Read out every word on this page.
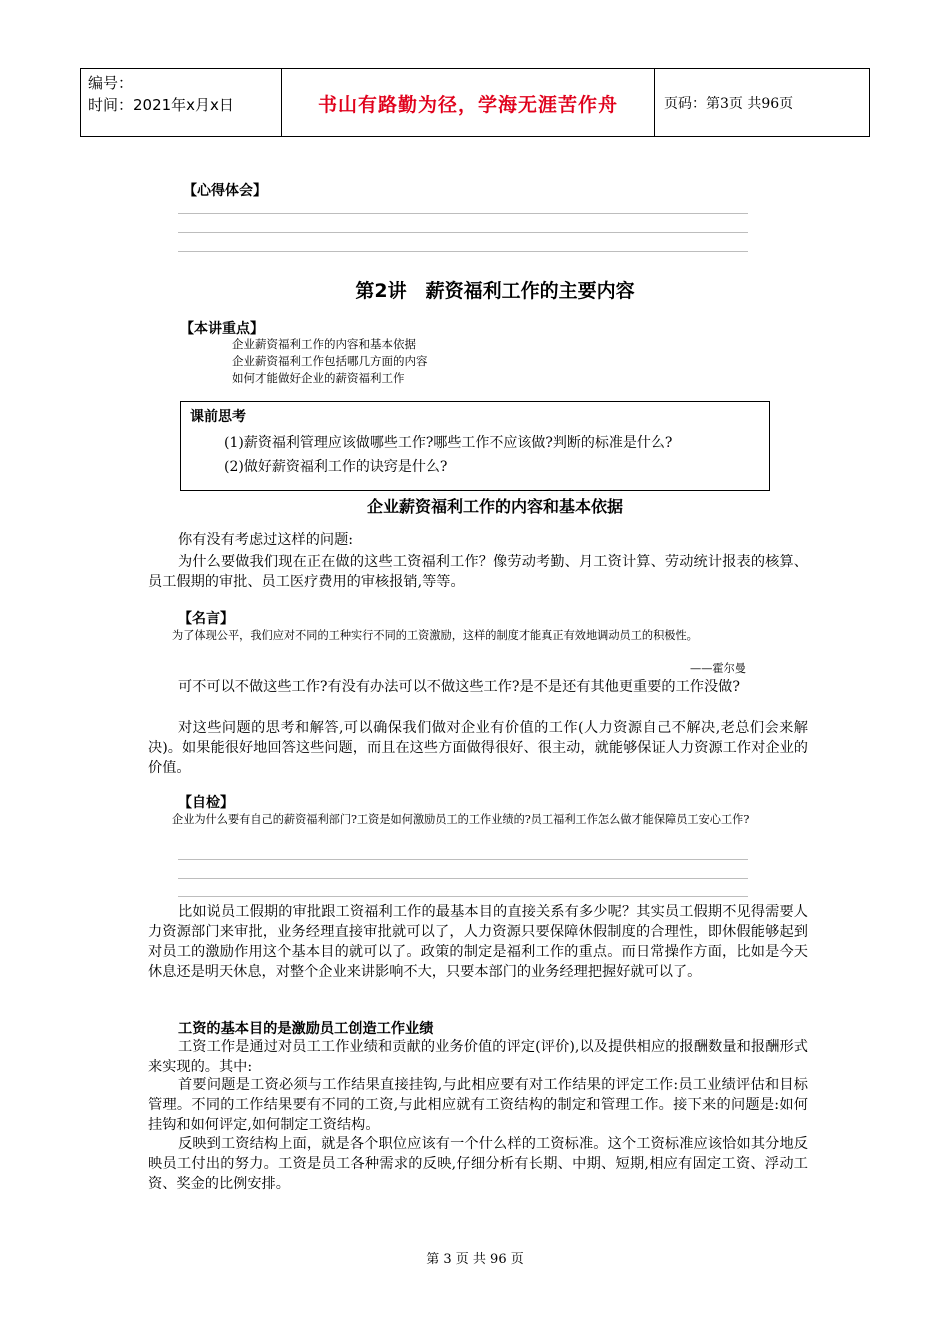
编号：
时间：2021年x月x日	书山有路勤为径，学海无涯苦作舟	页码：第3页 共96页
【心得体会】
第2讲　薪资福利工作的主要内容
【本讲重点】
企业薪资福利工作的内容和基本依据
企业薪资福利工作包括哪几方面的内容
如何才能做好企业的薪资福利工作
课前思考
(1)薪资福利管理应该做哪些工作?哪些工作不应该做?判断的标准是什么?
(2)做好薪资福利工作的诀窍是什么?
企业薪资福利工作的内容和基本依据
你有没有考虑过这样的问题:
为什么要做我们现在正在做的这些工资福利工作？像劳动考勤、月工资计算、劳动统计报表的核算、员工假期的审批、员工医疗费用的审核报销,等等。
【名言】
为了体现公平，我们应对不同的工种实行不同的工资激励，这样的制度才能真正有效地调动员工的积极性。
——霍尔曼
可不可以不做这些工作?有没有办法可以不做这些工作?是不是还有其他更重要的工作没做?
对这些问题的思考和解答,可以确保我们做对企业有价值的工作(人力资源自己不解决,老总们会来解决)。如果能很好地回答这些问题，而且在这些方面做得很好、很主动，就能够保证人力资源工作对企业的价值。
【自检】
企业为什么要有自己的薪资福利部门?工资是如何激励员工的工作业绩的?员工福利工作怎么做才能保障员工安心工作?
比如说员工假期的审批跟工资福利工作的最基本目的直接关系有多少呢？其实员工假期不见得需要人力资源部门来审批，业务经理直接审批就可以了，人力资源只要保障休假制度的合理性，即休假能够起到对员工的激励作用这个基本目的就可以了。政策的制定是福利工作的重点。而日常操作方面，比如是今天休息还是明天休息，对整个企业来讲影响不大，只要本部门的业务经理把握好就可以了。
工资的基本目的是激励员工创造工作业绩
工资工作是通过对员工工作业绩和贡献的业务价值的评定(评价),以及提供相应的报酬数量和报酬形式来实现的。其中:
首要问题是工资必须与工作结果直接挂钩,与此相应要有对工作结果的评定工作:员工业绩评估和目标管理。不同的工作结果要有不同的工资,与此相应就有工资结构的制定和管理工作。接下来的问题是:如何挂钩和如何评定,如何制定工资结构。
反映到工资结构上面，就是各个职位应该有一个什么样的工资标准。这个工资标准应该恰如其分地反映员工付出的努力。工资是员工各种需求的反映,仔细分析有长期、中期、短期,相应有固定工资、浮动工资、奖金的比例安排。
第 3 页 共 96 页
